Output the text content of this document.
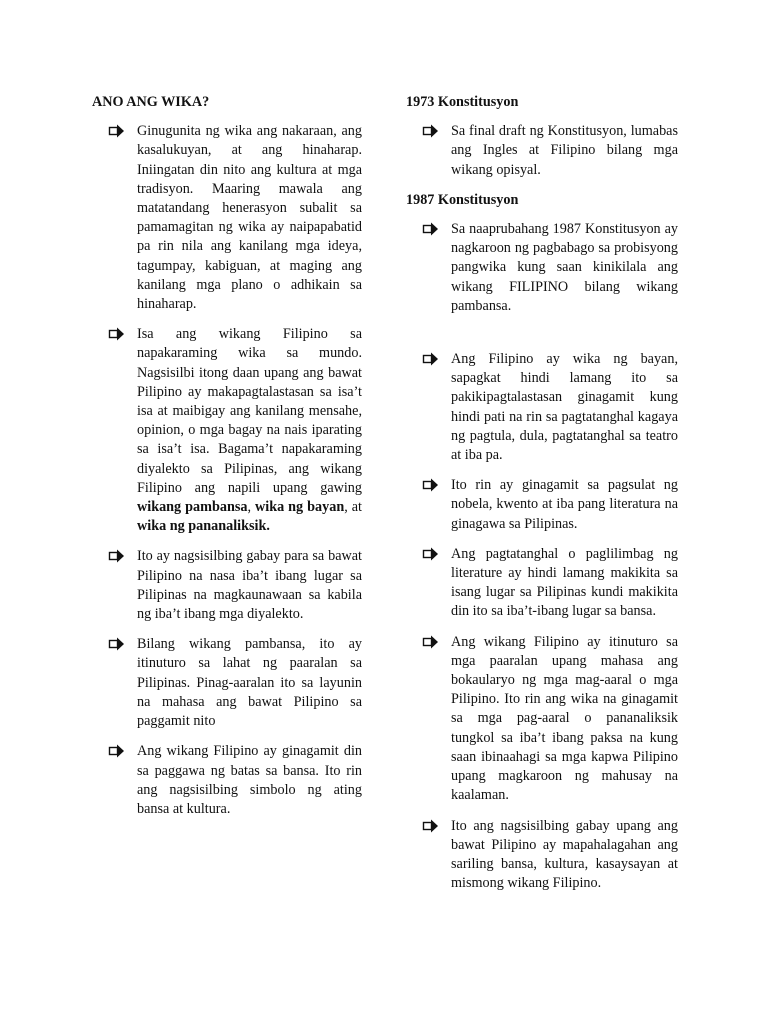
ANO ANG WIKA?
Ginugunita ng wika ang nakaraan, ang kasalukuyan, at ang hinaharap. Iniingatan din nito ang kultura at mga tradisyon. Maaring mawala ang matatandang henerasyon subalit sa pamamagitan ng wika ay naipapabatid pa rin nila ang kanilang mga ideya, tagumpay, kabiguan, at maging ang kanilang mga plano o adhikain sa hinaharap.
Isa ang wikang Filipino sa napakaraming wika sa mundo. Nagsisilbi itong daan upang ang bawat Pilipino ay makapagtalastasan sa isa’t isa at maibigay ang kanilang mensahe, opinion, o mga bagay na nais iparating sa isa’t isa. Bagama’t napakaraming diyalekto sa Pilipinas, ang wikang Filipino ang napili upang gawing wikang pambansa, wika ng bayan, at wika ng pananaliksik.
Ito ay nagsisilbing gabay para sa bawat Pilipino na nasa iba’t ibang lugar sa Pilipinas na magkaunawaan sa kabila ng iba’t ibang mga diyalekto.
Bilang wikang pambansa, ito ay itinuturo sa lahat ng paaralan sa Pilipinas. Pinag-aaralan ito sa layunin na mahasa ang bawat Pilipino sa paggamit nito
Ang wikang Filipino ay ginagamit din sa paggawa ng batas sa bansa. Ito rin ang nagsisilbing simbolo ng ating bansa at kultura.
1973 Konstitusyon
Sa final draft ng Konstitusyon, lumabas ang Ingles at Filipino bilang mga wikang opisyal.
1987 Konstitusyon
Sa naaprubahang 1987 Konstitusyon ay nagkaroon ng pagbabago sa probisyong pangwika kung saan kinikilala ang wikang FILIPINO bilang wikang pambansa.
Ang Filipino ay wika ng bayan, sapagkat hindi lamang ito sa pakikipagtalastasan ginagamit kung hindi pati na rin sa pagtatanghal kagaya ng pagtula, dula, pagtatanghal sa teatro at iba pa.
Ito rin ay ginagamit sa pagsulat ng nobela, kwento at iba pang literatura na ginagawa sa Pilipinas.
Ang pagtatanghal o paglilimbag ng literature ay hindi lamang makikita sa isang lugar sa Pilipinas kundi makikita din ito sa iba’t-ibang lugar sa bansa.
Ang wikang Filipino ay itinuturo sa mga paaralan upang mahasa ang bokaularyo ng mga mag-aaral o mga Pilipino. Ito rin ang wika na ginagamit sa mga pag-aaral o pananaliksik tungkol sa iba’t ibang paksa na kung saan ibinaahagi sa mga kapwa Pilipino upang magkaroon ng mahusay na kaalaman.
Ito ang nagsisilbing gabay upang ang bawat Pilipino ay mapahalagahan ang sariling bansa, kultura, kasaysayan at mismong wikang Filipino.
